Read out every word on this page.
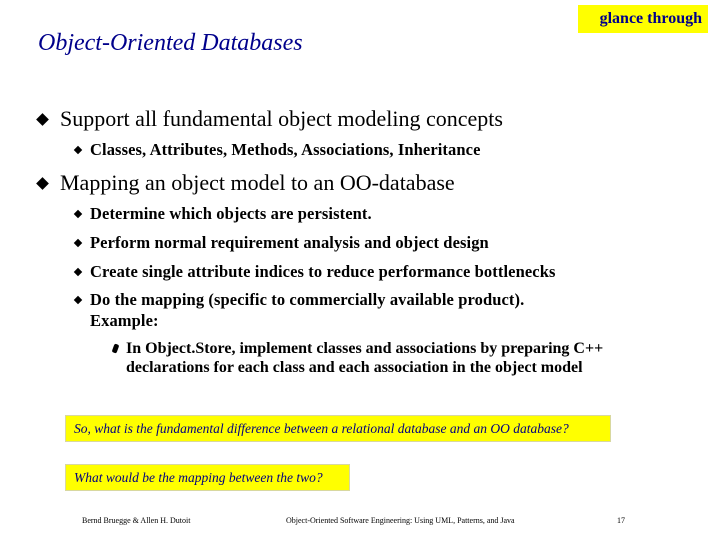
glance through
Object-Oriented Databases
Support all fundamental object modeling concepts
Classes, Attributes, Methods, Associations, Inheritance
Mapping an object model to an OO-database
Determine which objects are persistent.
Perform normal requirement analysis and object design
Create single attribute indices to reduce performance bottlenecks
Do the mapping (specific to commercially available product).
Example:
In Object.Store, implement classes and associations by preparing C++
declarations for each class and each association in the object model
So, what is the fundamental difference between a relational database and an OO database?
What would be the mapping between the two?
Bernd Bruegge & Allen H. Dutoit	Object-Oriented Software Engineering: Using UML, Patterns, and Java	17
